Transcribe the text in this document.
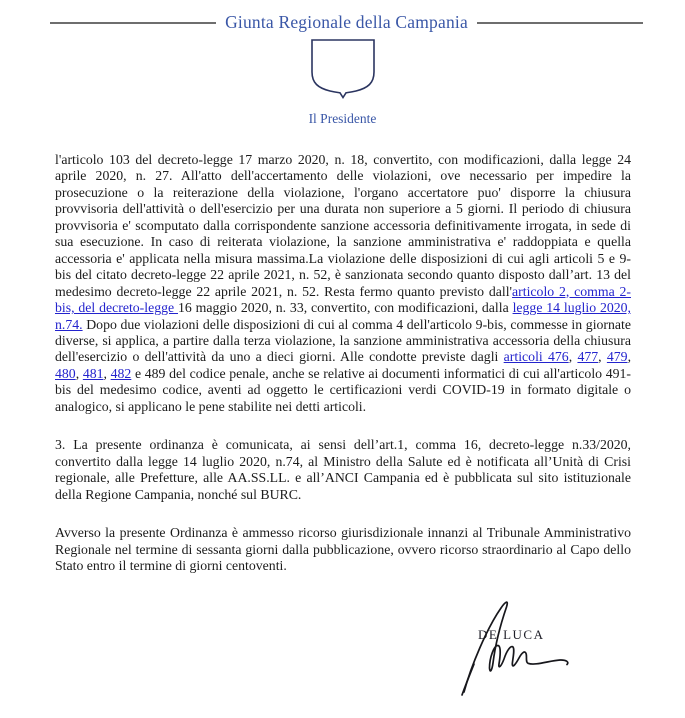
Giunta Regionale della Campania
Il Presidente

l'articolo 103 del decreto-legge 17 marzo 2020, n. 18, convertito, con modificazioni, dalla legge 24 aprile 2020, n. 27. All'atto dell'accertamento delle violazioni, ove necessario per impedire la prosecuzione o la reiterazione della violazione, l'organo accertatore puo' disporre la chiusura provvisoria dell'attività o dell'esercizio per una durata non superiore a 5 giorni. Il periodo di chiusura provvisoria e' scomputato dalla corrispondente sanzione accessoria definitivamente irrogata, in sede di sua esecuzione. In caso di reiterata violazione, la sanzione amministrativa e' raddoppiata e quella accessoria e' applicata nella misura massima.La violazione delle disposizioni di cui agli articoli 5 e 9-bis del citato decreto-legge 22 aprile 2021, n. 52, è sanzionata secondo quanto disposto dall’art. 13 del medesimo decreto-legge 22 aprile 2021, n. 52. Resta fermo quanto previsto dall'articolo 2, comma 2-bis, del decreto-legge 16 maggio 2020, n. 33, convertito, con modificazioni, dalla legge 14 luglio 2020, n.74. Dopo due violazioni delle disposizioni di cui al comma 4 dell'articolo 9-bis, commesse in giornate diverse, si applica, a partire dalla terza violazione, la sanzione amministrativa accessoria della chiusura dell'esercizio o dell'attività da uno a dieci giorni. Alle condotte previste dagli articoli 476, 477, 479, 480, 481, 482 e 489 del codice penale, anche se relative ai documenti informatici di cui all'articolo 491-bis del medesimo codice, aventi ad oggetto le certificazioni verdi COVID-19 in formato digitale o analogico, si applicano le pene stabilite nei detti articoli.

3. La presente ordinanza è comunicata, ai sensi dell’art.1, comma 16, decreto-legge n.33/2020, convertito dalla legge 14 luglio 2020, n.74, al Ministro della Salute ed è notificata all’Unità di Crisi regionale, alle Prefetture, alle AA.SS.LL. e all’ANCI Campania ed è pubblicata sul sito istituzionale della Regione Campania, nonché sul BURC.

Avverso la presente Ordinanza è ammesso ricorso giurisdizionale innanzi al Tribunale Amministrativo Regionale nel termine di sessanta giorni dalla pubblicazione, ovvero ricorso straordinario al Capo dello Stato entro il termine di giorni centoventi.

DE LUCA
